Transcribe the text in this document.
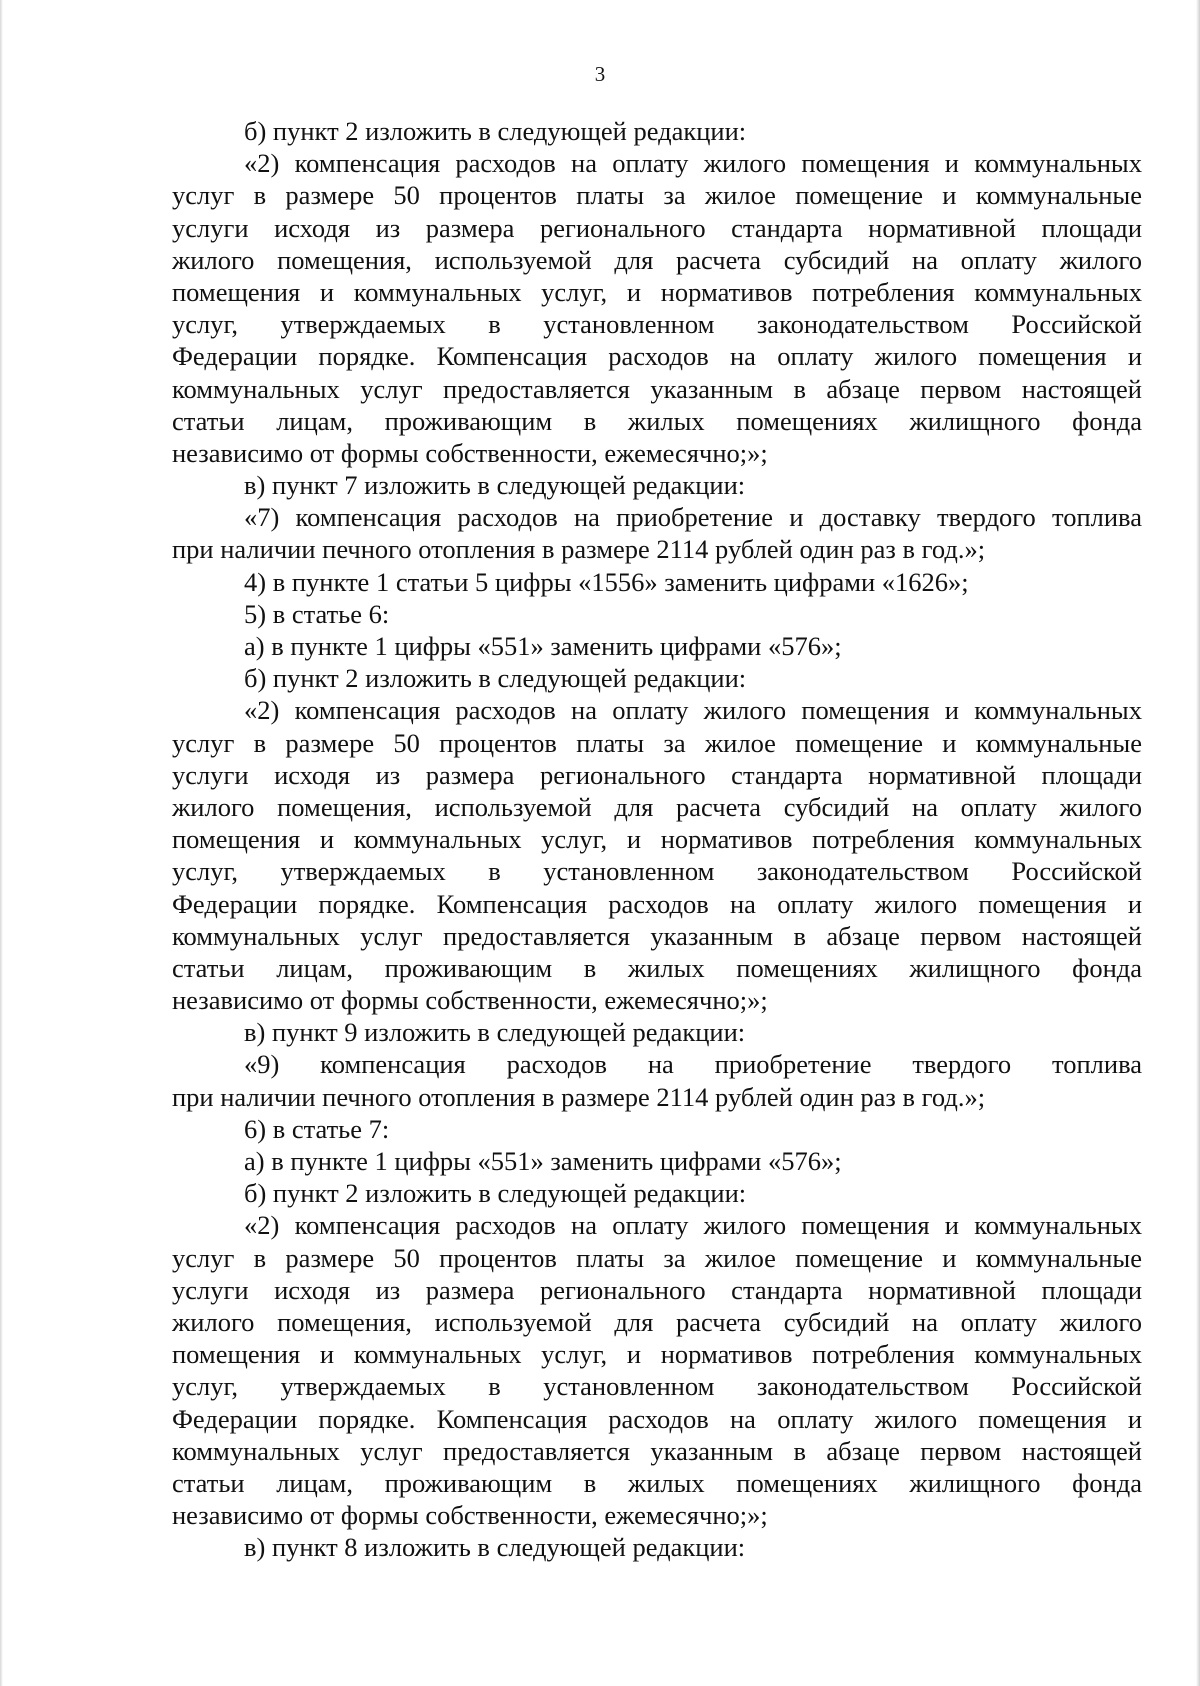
3
б) пункт 2 изложить в следующей редакции:
«2) компенсация расходов на оплату жилого помещения и коммунальных
услуг в размере 50 процентов платы за жилое помещение и коммунальные
услуги исходя из размера регионального стандарта нормативной площади
жилого помещения, используемой для расчета субсидий на оплату жилого
помещения и коммунальных услуг, и нормативов потребления коммунальных
услуг, утверждаемых в установленном законодательством Российской
Федерации порядке. Компенсация расходов на оплату жилого помещения и
коммунальных услуг предоставляется указанным в абзаце первом настоящей
статьи лицам, проживающим в жилых помещениях жилищного фонда
независимо от формы собственности, ежемесячно;»;
в) пункт 7 изложить в следующей редакции:
«7) компенсация расходов на приобретение и доставку твердого топлива
при наличии печного отопления в размере 2114 рублей один раз в год.»;
4) в пункте 1 статьи 5 цифры «1556» заменить цифрами «1626»;
5) в статье 6:
а) в пункте 1 цифры «551» заменить цифрами «576»;
б) пункт 2 изложить в следующей редакции:
«2) компенсация расходов на оплату жилого помещения и коммунальных
услуг в размере 50 процентов платы за жилое помещение и коммунальные
услуги исходя из размера регионального стандарта нормативной площади
жилого помещения, используемой для расчета субсидий на оплату жилого
помещения и коммунальных услуг, и нормативов потребления коммунальных
услуг, утверждаемых в установленном законодательством Российской
Федерации порядке. Компенсация расходов на оплату жилого помещения и
коммунальных услуг предоставляется указанным в абзаце первом настоящей
статьи лицам, проживающим в жилых помещениях жилищного фонда
независимо от формы собственности, ежемесячно;»;
в) пункт 9 изложить в следующей редакции:
«9) компенсация расходов на приобретение твердого топлива
при наличии печного отопления в размере 2114 рублей один раз в год.»;
6) в статье 7:
а) в пункте 1 цифры «551» заменить цифрами «576»;
б) пункт 2 изложить в следующей редакции:
«2) компенсация расходов на оплату жилого помещения и коммунальных
услуг в размере 50 процентов платы за жилое помещение и коммунальные
услуги исходя из размера регионального стандарта нормативной площади
жилого помещения, используемой для расчета субсидий на оплату жилого
помещения и коммунальных услуг, и нормативов потребления коммунальных
услуг, утверждаемых в установленном законодательством Российской
Федерации порядке. Компенсация расходов на оплату жилого помещения и
коммунальных услуг предоставляется указанным в абзаце первом настоящей
статьи лицам, проживающим в жилых помещениях жилищного фонда
независимо от формы собственности, ежемесячно;»;
в) пункт 8 изложить в следующей редакции:
